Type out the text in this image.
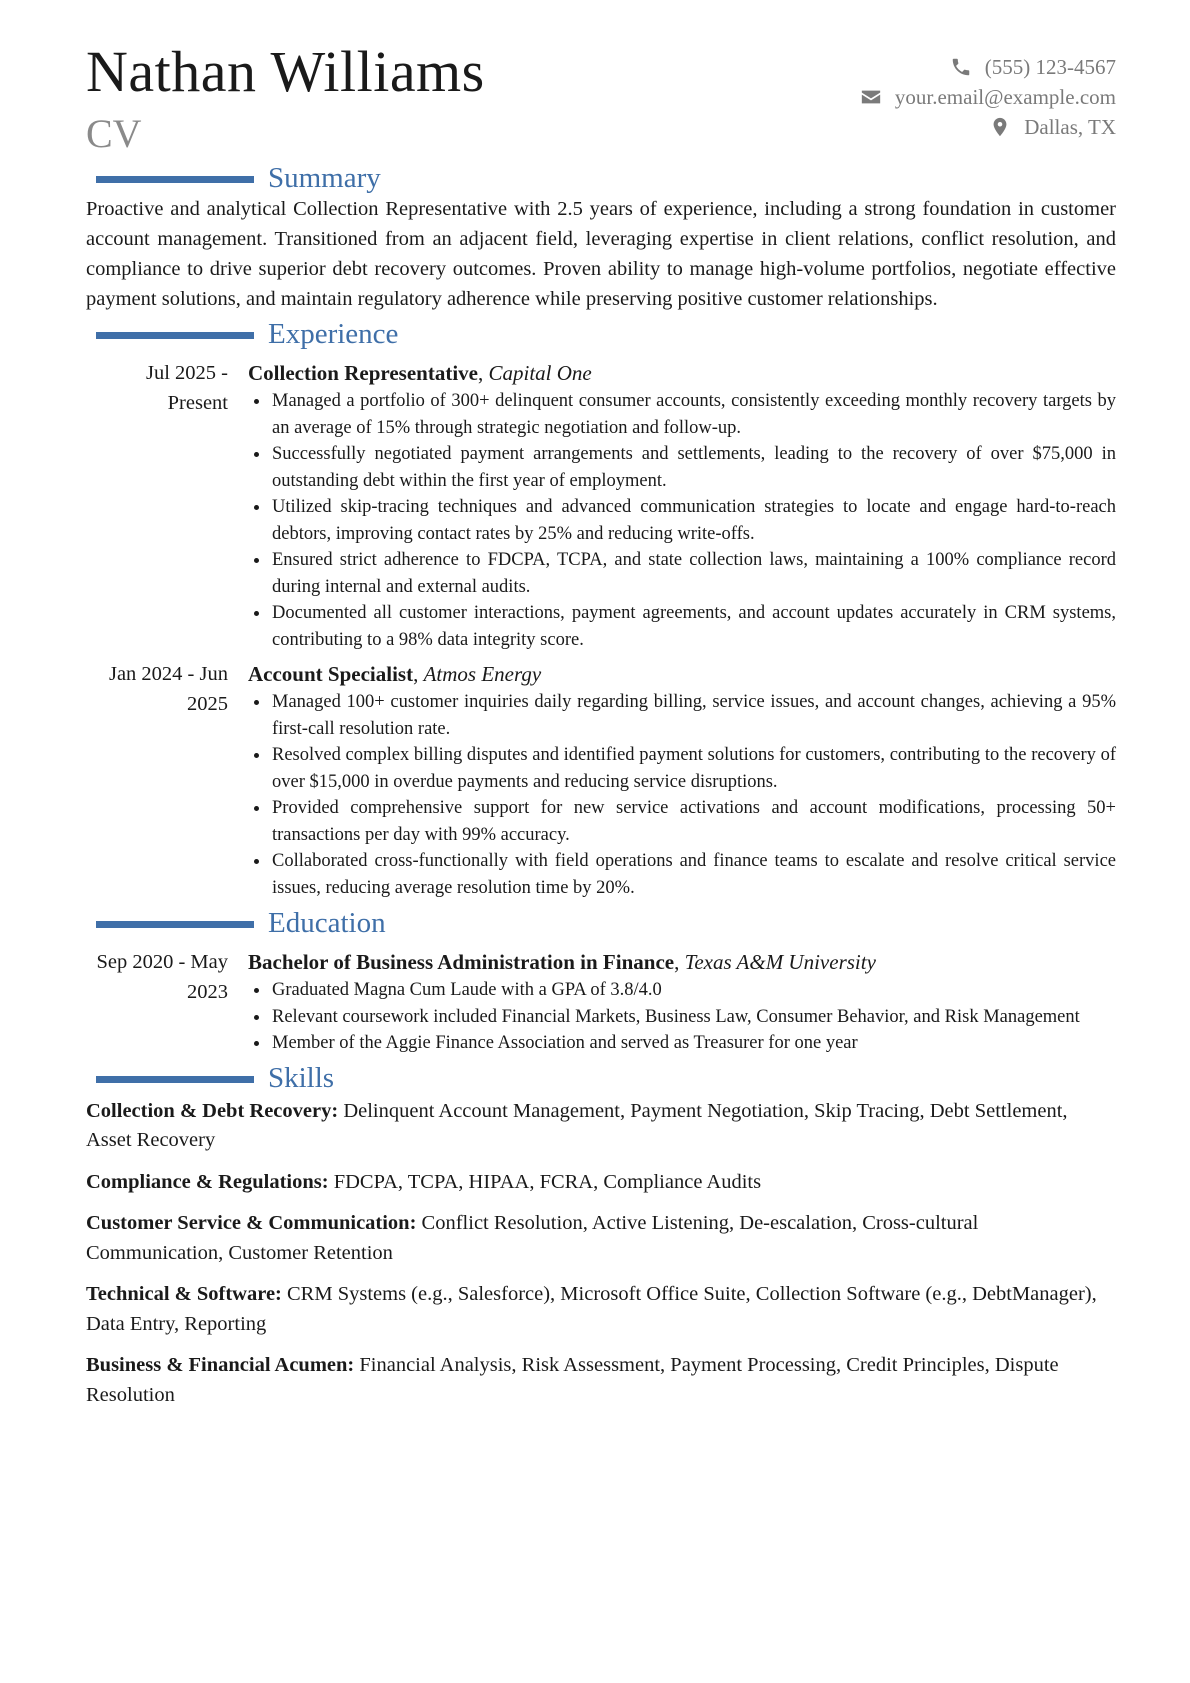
Nathan Williams
CV
(555) 123-4567
your.email@example.com
Dallas, TX
Summary
Proactive and analytical Collection Representative with 2.5 years of experience, including a strong foundation in customer account management. Transitioned from an adjacent field, leveraging expertise in client relations, conflict resolution, and compliance to drive superior debt recovery outcomes. Proven ability to manage high-volume portfolios, negotiate effective payment solutions, and maintain regulatory adherence while preserving positive customer relationships.
Experience
Jul 2025 - Present
Collection Representative, Capital One
Managed a portfolio of 300+ delinquent consumer accounts, consistently exceeding monthly recovery targets by an average of 15% through strategic negotiation and follow-up.
Successfully negotiated payment arrangements and settlements, leading to the recovery of over $75,000 in outstanding debt within the first year of employment.
Utilized skip-tracing techniques and advanced communication strategies to locate and engage hard-to-reach debtors, improving contact rates by 25% and reducing write-offs.
Ensured strict adherence to FDCPA, TCPA, and state collection laws, maintaining a 100% compliance record during internal and external audits.
Documented all customer interactions, payment agreements, and account updates accurately in CRM systems, contributing to a 98% data integrity score.
Jan 2024 - Jun 2025
Account Specialist, Atmos Energy
Managed 100+ customer inquiries daily regarding billing, service issues, and account changes, achieving a 95% first-call resolution rate.
Resolved complex billing disputes and identified payment solutions for customers, contributing to the recovery of over $15,000 in overdue payments and reducing service disruptions.
Provided comprehensive support for new service activations and account modifications, processing 50+ transactions per day with 99% accuracy.
Collaborated cross-functionally with field operations and finance teams to escalate and resolve critical service issues, reducing average resolution time by 20%.
Education
Sep 2020 - May 2023
Bachelor of Business Administration in Finance, Texas A&M University
Graduated Magna Cum Laude with a GPA of 3.8/4.0
Relevant coursework included Financial Markets, Business Law, Consumer Behavior, and Risk Management
Member of the Aggie Finance Association and served as Treasurer for one year
Skills
Collection & Debt Recovery: Delinquent Account Management, Payment Negotiation, Skip Tracing, Debt Settlement, Asset Recovery
Compliance & Regulations: FDCPA, TCPA, HIPAA, FCRA, Compliance Audits
Customer Service & Communication: Conflict Resolution, Active Listening, De-escalation, Cross-cultural Communication, Customer Retention
Technical & Software: CRM Systems (e.g., Salesforce), Microsoft Office Suite, Collection Software (e.g., DebtManager), Data Entry, Reporting
Business & Financial Acumen: Financial Analysis, Risk Assessment, Payment Processing, Credit Principles, Dispute Resolution
